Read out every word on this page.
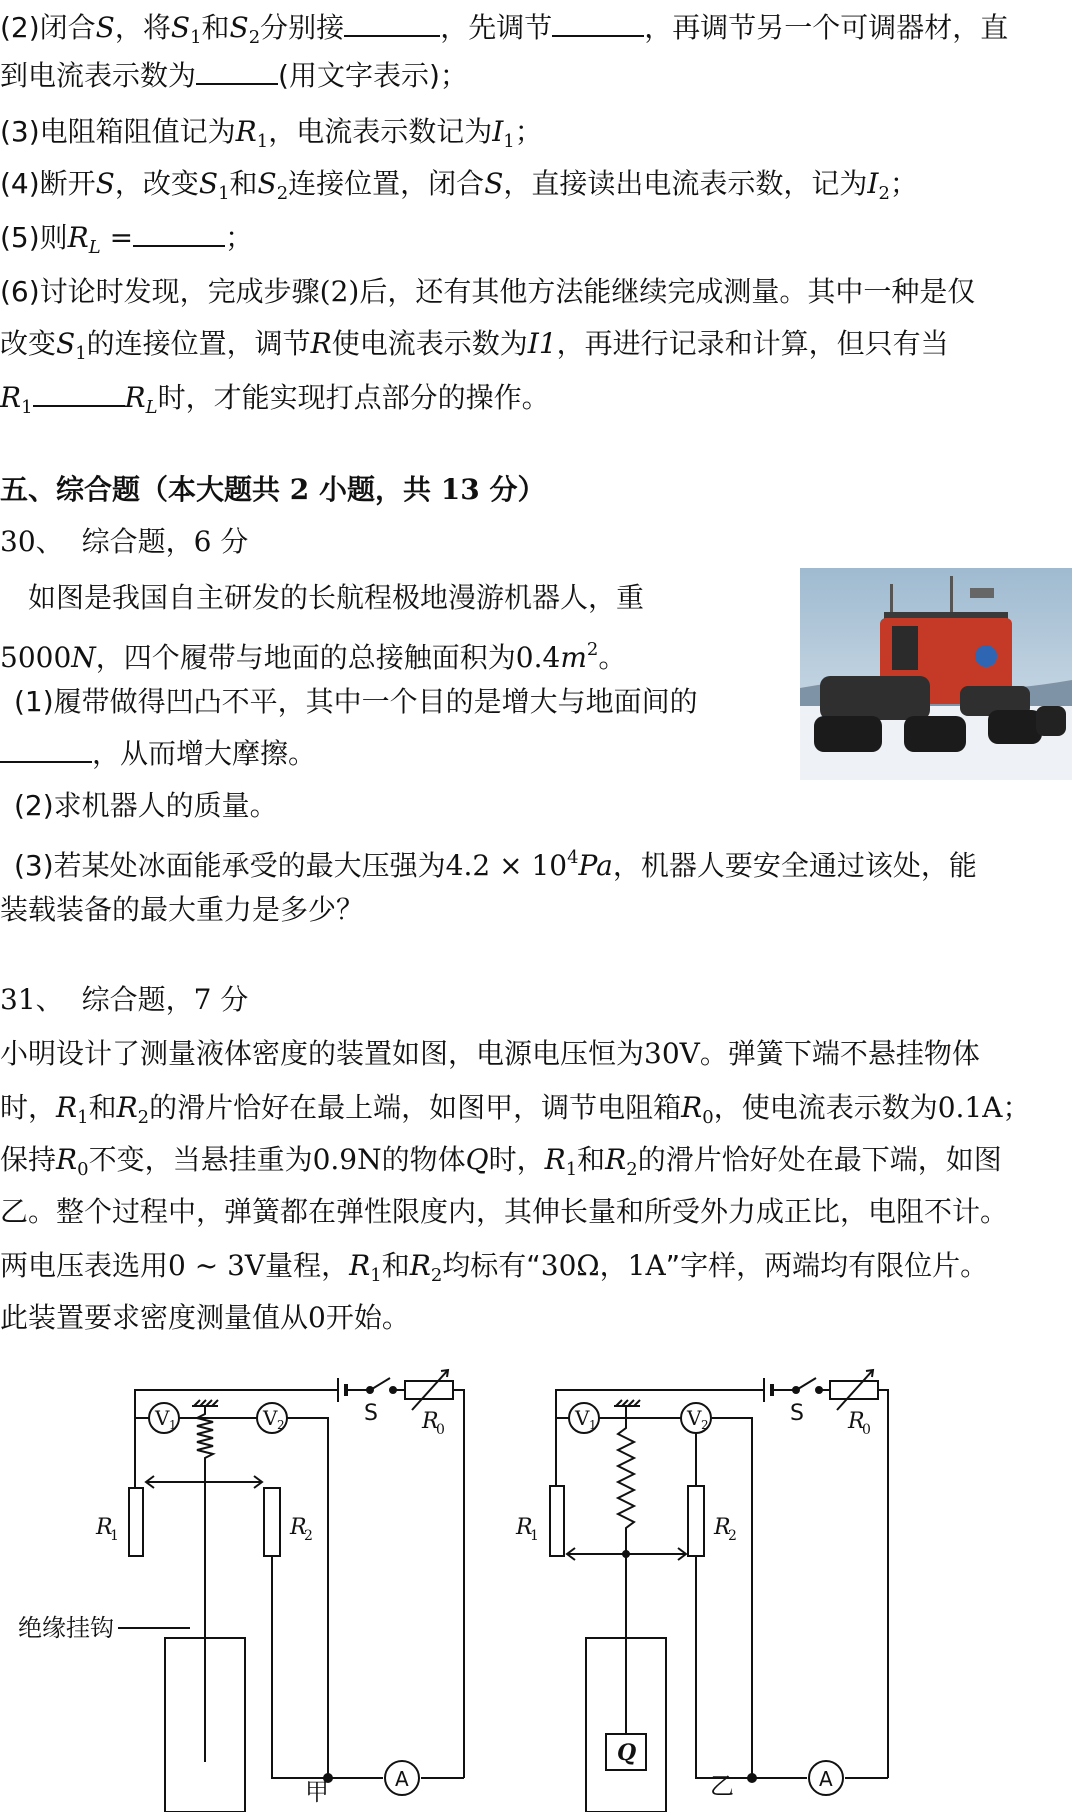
(2)闭合S，将$S_1$和$S_2$分别接	，先调节	，再调节另一个可调器材，直
到电流表示数为	(用文字表示)；
(3)电阻箱阻值记为$R_1$，电流表示数记为$I_1$；
(4)断开S，改变$S_1$和$S_2$连接位置，闭合S，直接读出电流表示数，记为$I_2$；
(5)则$R_L$ =	；
(6)讨论时发现，完成步骤(2)后，还有其他方法能继续完成测量。其中一种是仅
改变$S_1$的连接位置，调节R使电流表示数为I1，再进行记录和计算，但只有当
$R_1$	$R_L$时，才能实现打点部分的操作。
五、综合题（本大题共 2 小题，共 13 分）
30、 综合题，6 分
如图是我国自主研发的长航程极地漫游机器人，重
5000N，四个履带与地面的总接触面积为$0.4m^2$。
(1)履带做得凹凸不平，其中一个目的是增大与地面间的
，从而增大摩擦。
(2)求机器人的质量。
(3)若某处冰面能承受的最大压强为$4.2 \times 10^4Pa$，机器人要安全通过该处，能
装载装备的最大重力是多少？
31、 综合题，7 分
小明设计了测量液体密度的装置如图，电源电压恒为30V。弹簧下端不悬挂物体
时，$R_1$和$R_2$的滑片恰好在最上端，如图甲，调节电阻箱$R_0$，使电流表示数为0.1A；
保持$R_0$不变，当悬挂重为0.9N的物体Q时，$R_1$和$R_2$的滑片恰好处在最下端，如图
乙。整个过程中，弹簧都在弹性限度内，其伸长量和所受外力成正比，电阻不计。
两电压表选用0 ~ 3V量程，$R_1$和$R_2$均标有“30Ω，1A”字样，两端均有限位片。
此装置要求密度测量值从0开始。
S R
0
V 1	V 2
R
1	R
2
A
绝缘挂钩
甲
S R
0
V 1	V 2
R
1	R
2
A
Q
乙
